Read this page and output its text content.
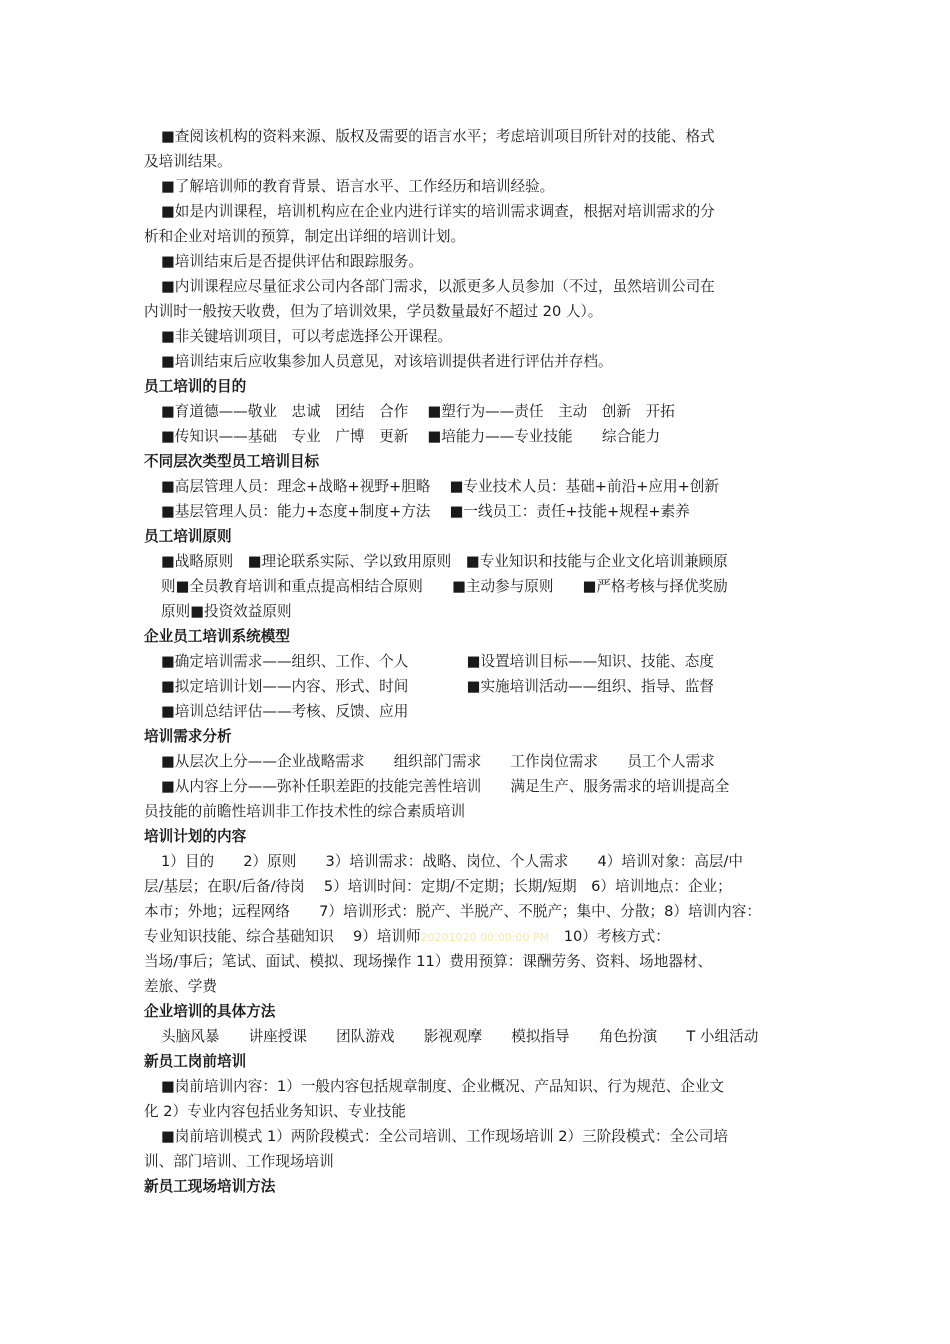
■查阅该机构的资料来源、版权及需要的语言水平；考虑培训项目所针对的技能、格式
及培训结果。
■了解培训师的教育背景、语言水平、工作经历和培训经验。
■如是内训课程，培训机构应在企业内进行详实的培训需求调查，根据对培训需求的分
析和企业对培训的预算，制定出详细的培训计划。
■培训结束后是否提供评估和跟踪服务。
■内训课程应尽量征求公司内各部门需求，以派更多人员参加（不过，虽然培训公司在
内训时一般按天收费，但为了培训效果，学员数量最好不超过 20 人）。
■非关键培训项目，可以考虑选择公开课程。
■培训结束后应收集参加人员意见，对该培训提供者进行评估并存档。
员工培训的目的
■育道德——敬业　忠诚　团结　合作　 ■塑行为——责任　主动　创新　开拓
■传知识——基础　专业　广博　更新　 ■培能力——专业技能　　综合能力
不同层次类型员工培训目标
■高层管理人员：理念+战略+视野+胆略　 ■专业技术人员：基础+前沿+应用+创新
■基层管理人员：能力+态度+制度+方法　 ■一线员工：责任+技能+规程+素养
员工培训原则
■战略原则　■理论联系实际、学以致用原则　■专业知识和技能与企业文化培训兼顾原
则■全员教育培训和重点提高相结合原则　　■主动参与原则　　■严格考核与择优奖励
原则■投资效益原则
企业员工培训系统模型
■确定培训需求——组织、工作、个人　　　　■设置培训目标——知识、技能、态度
■拟定培训计划——内容、形式、时间　　　　■实施培训活动——组织、指导、监督
■培训总结评估——考核、反馈、应用
培训需求分析
■从层次上分——企业战略需求　　组织部门需求　　工作岗位需求　　员工个人需求
■从内容上分——弥补任职差距的技能完善性培训　　满足生产、服务需求的培训提高全
员技能的前瞻性培训非工作技术性的综合素质培训
培训计划的内容
1）目的　　2）原则　　3）培训需求：战略、岗位、个人需求　　4）培训对象：高层/中
层/基层；在职/后备/待岗　 5）培训时间：定期/不定期；长期/短期　6）培训地点：企业；
本市；外地；远程网络　　7）培训形式：脱产、半脱产、不脱产；集中、分散；8）培训内容：
专业知识技能、综合基础知识　 9）培训师20201020 00:00:00 PM　10）考核方式：
当场/事后；笔试、面试、模拟、现场操作 11）费用预算：课酬劳务、资料、场地器材、
差旅、学费
企业培训的具体方法
头脑风暴　　讲座授课　　团队游戏　　影视观摩　　模拟指导　　角色扮演　　T 小组活动
新员工岗前培训
■岗前培训内容：1）一般内容包括规章制度、企业概况、产品知识、行为规范、企业文
化 2）专业内容包括业务知识、专业技能
■岗前培训模式 1）两阶段模式：全公司培训、工作现场培训 2）三阶段模式：全公司培
训、部门培训、工作现场培训
新员工现场培训方法
